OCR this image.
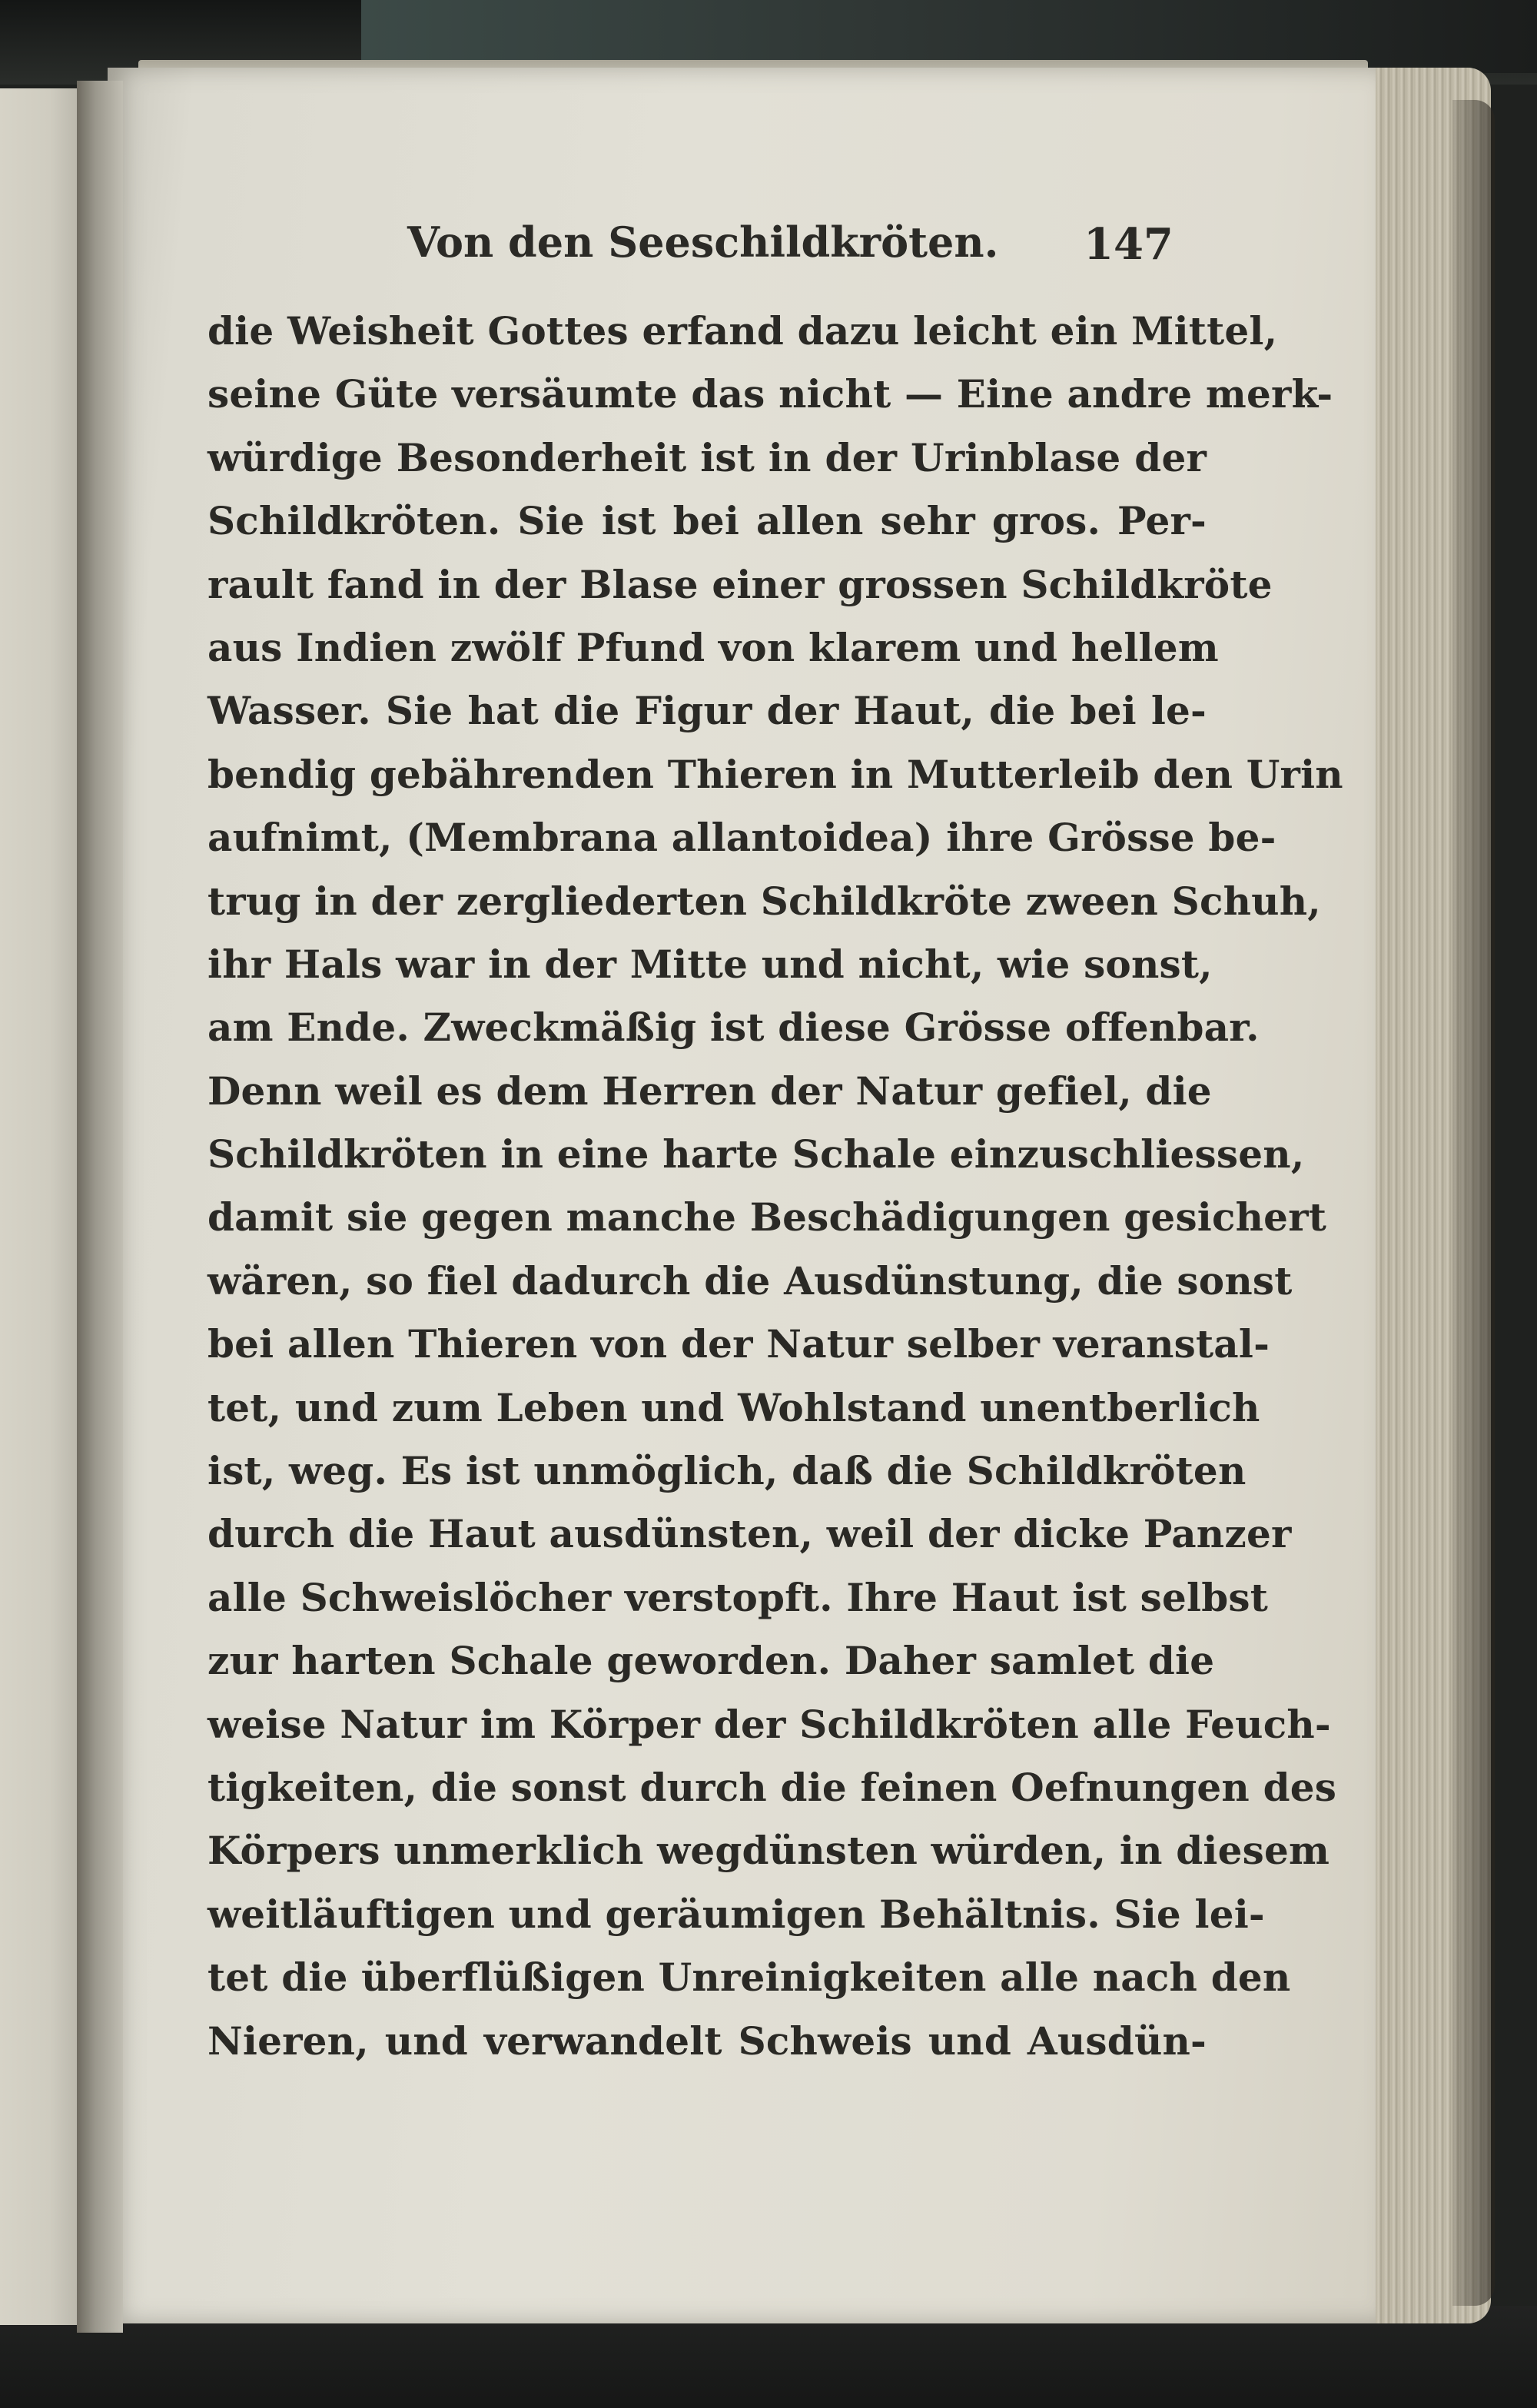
Von den Seeschildkröten.	147
die Weisheit Gottes erfand dazu leicht ein Mittel,
seine Güte versäumte das nicht — Eine andre merk-
würdige Besonderheit ist in der Urinblase der
Schildkröten. Sie ist bei allen sehr gros. Per-
rault fand in der Blase einer grossen Schildkröte
aus Indien zwölf Pfund von klarem und hellem
Wasser. Sie hat die Figur der Haut, die bei le-
bendig gebährenden Thieren in Mutterleib den Urin
aufnimt, (Membrana allantoidea) ihre Grösse be-
trug in der zergliederten Schildkröte zween Schuh,
ihr Hals war in der Mitte und nicht, wie sonst,
am Ende. Zweckmäßig ist diese Grösse offenbar.
Denn weil es dem Herren der Natur gefiel, die
Schildkröten in eine harte Schale einzuschliessen,
damit sie gegen manche Beschädigungen gesichert
wären, so fiel dadurch die Ausdünstung, die sonst
bei allen Thieren von der Natur selber veranstal-
tet, und zum Leben und Wohlstand unentberlich
ist, weg. Es ist unmöglich, daß die Schildkröten
durch die Haut ausdünsten, weil der dicke Panzer
alle Schweislöcher verstopft. Ihre Haut ist selbst
zur harten Schale geworden. Daher samlet die
weise Natur im Körper der Schildkröten alle Feuch-
tigkeiten, die sonst durch die feinen Oefnungen des
Körpers unmerklich wegdünsten würden, in diesem
weitläuftigen und geräumigen Behältnis. Sie lei-
tet die überflüßigen Unreinigkeiten alle nach den
Nieren, und verwandelt Schweis und Ausdün-
